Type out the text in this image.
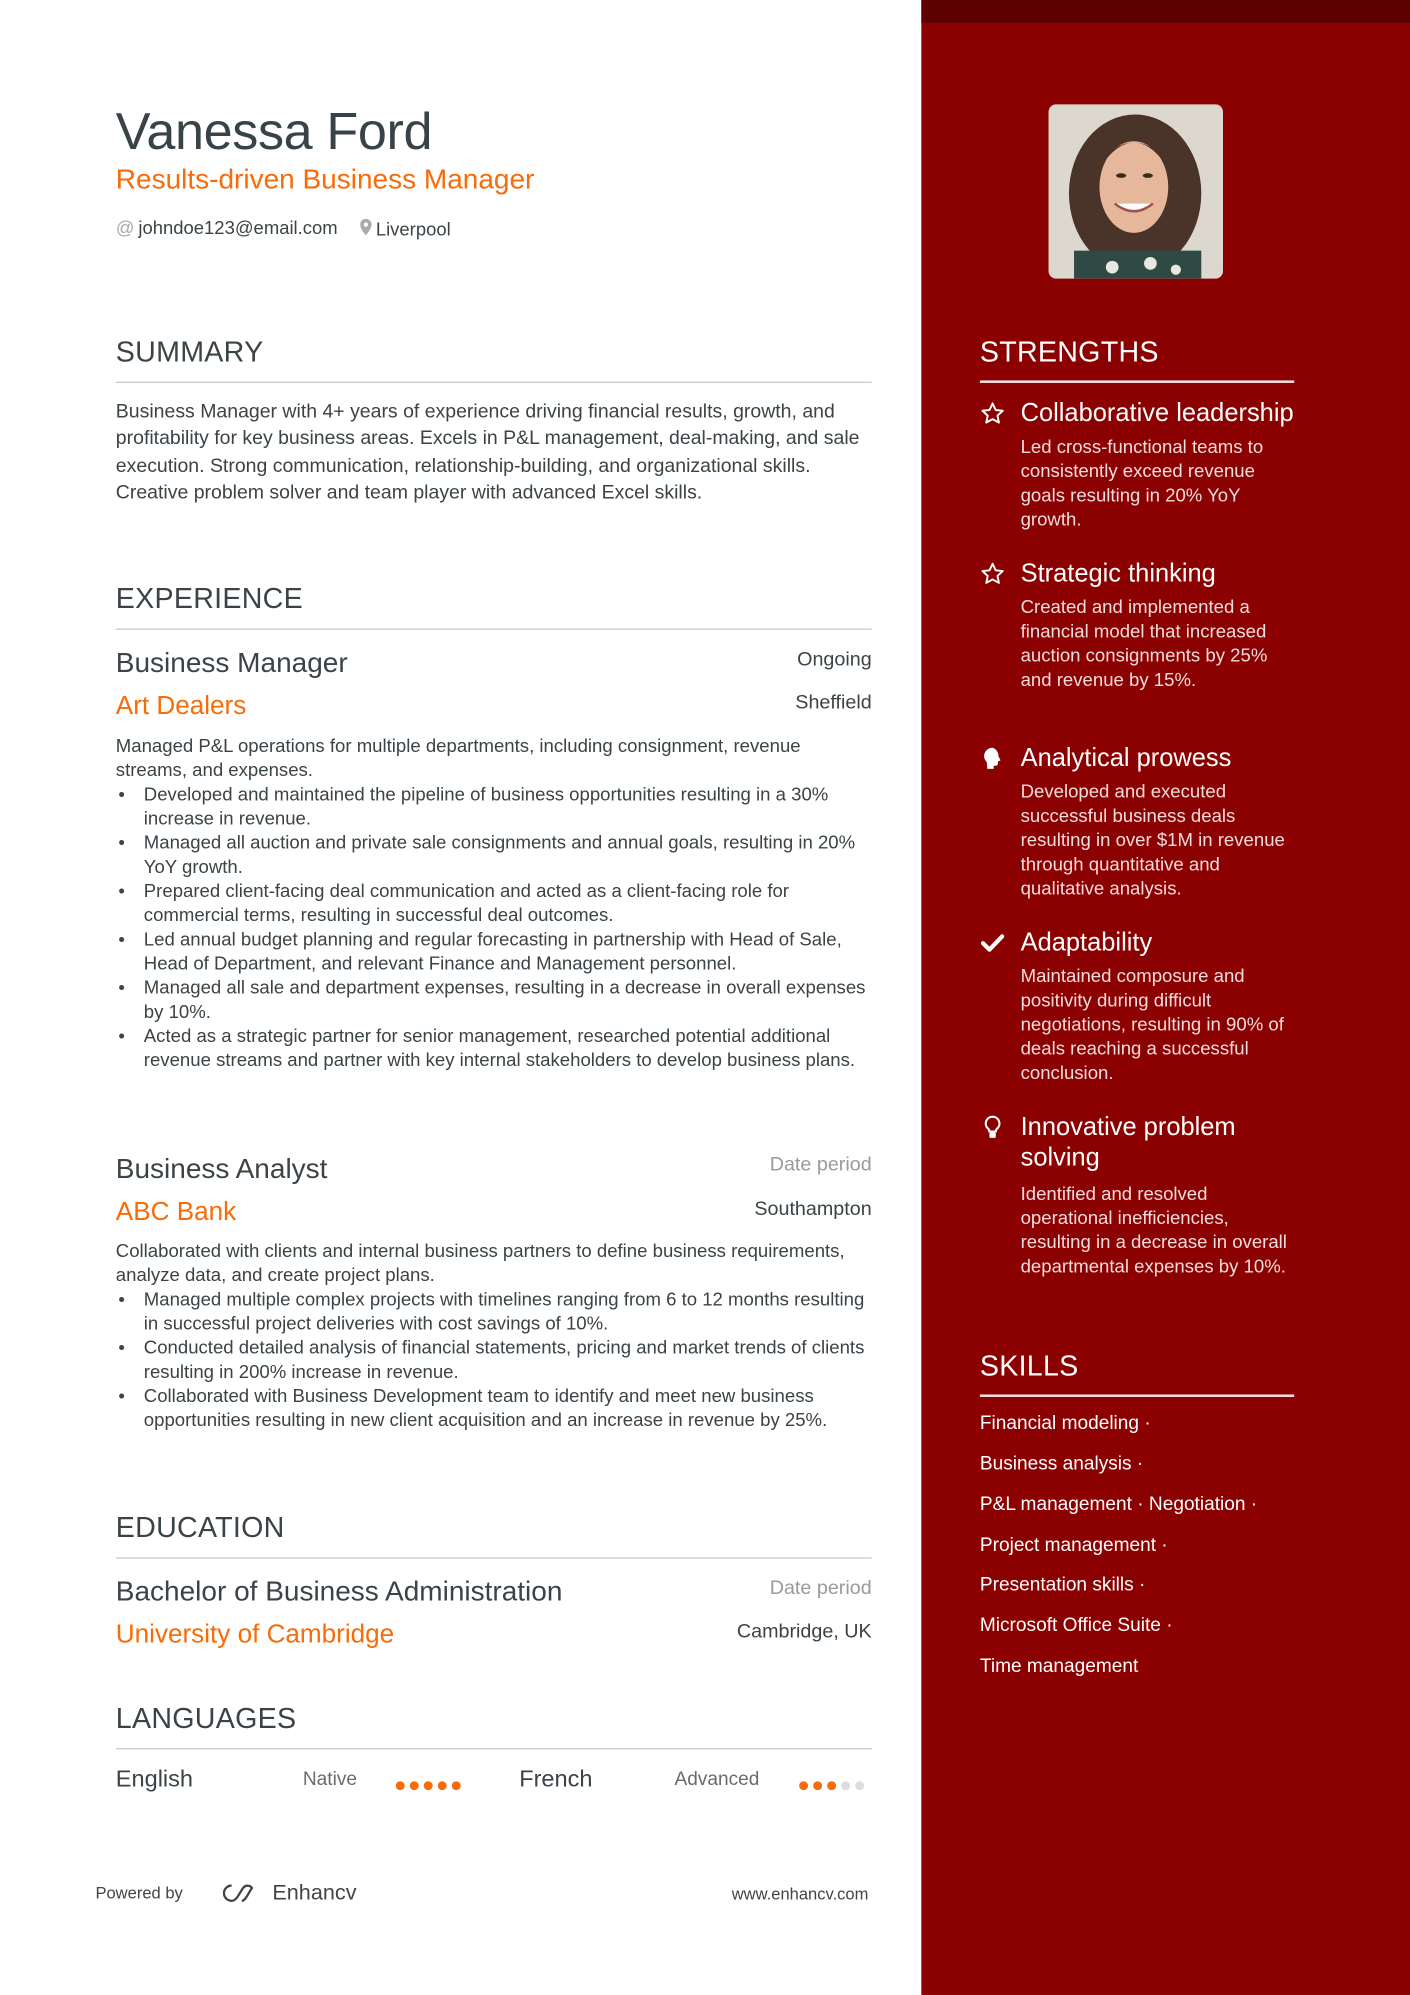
Vanessa Ford
Results-driven Business Manager
@ johndoe123@email.com	Liverpool
SUMMARY
Business Manager with 4+ years of experience driving financial results, growth, and profitability for key business areas. Excels in P&L management, deal-making, and sale execution. Strong communication, relationship-building, and organizational skills. Creative problem solver and team player with advanced Excel skills.
EXPERIENCE
Business Manager	Ongoing
Art Dealers	Sheffield
Managed P&L operations for multiple departments, including consignment, revenue streams, and expenses.
• Developed and maintained the pipeline of business opportunities resulting in a 30% increase in revenue.
• Managed all auction and private sale consignments and annual goals, resulting in 20% YoY growth.
• Prepared client-facing deal communication and acted as a client-facing role for commercial terms, resulting in successful deal outcomes.
• Led annual budget planning and regular forecasting in partnership with Head of Sale, Head of Department, and relevant Finance and Management personnel.
• Managed all sale and department expenses, resulting in a decrease in overall expenses by 10%.
• Acted as a strategic partner for senior management, researched potential additional revenue streams and partner with key internal stakeholders to develop business plans.
Business Analyst	Date period
ABC Bank	Southampton
Collaborated with clients and internal business partners to define business requirements, analyze data, and create project plans.
• Managed multiple complex projects with timelines ranging from 6 to 12 months resulting in successful project deliveries with cost savings of 10%.
• Conducted detailed analysis of financial statements, pricing and market trends of clients resulting in 200% increase in revenue.
• Collaborated with Business Development team to identify and meet new business opportunities resulting in new client acquisition and an increase in revenue by 25%.
EDUCATION
Bachelor of Business Administration	Date period
University of Cambridge	Cambridge, UK
LANGUAGES
English	Native	French	Advanced
Powered by	Enhancv	www.enhancv.com
STRENGTHS
Collaborative leadership
Led cross-functional teams to consistently exceed revenue goals resulting in 20% YoY growth.
Strategic thinking
Created and implemented a financial model that increased auction consignments by 25% and revenue by 15%.
Analytical prowess
Developed and executed successful business deals resulting in over $1M in revenue through quantitative and qualitative analysis.
Adaptability
Maintained composure and positivity during difficult negotiations, resulting in 90% of deals reaching a successful conclusion.
Innovative problem solving
Identified and resolved operational inefficiencies, resulting in a decrease in overall departmental expenses by 10%.
SKILLS
Financial modeling ·
Business analysis ·
P&L management · Negotiation ·
Project management ·
Presentation skills ·
Microsoft Office Suite ·
Time management
